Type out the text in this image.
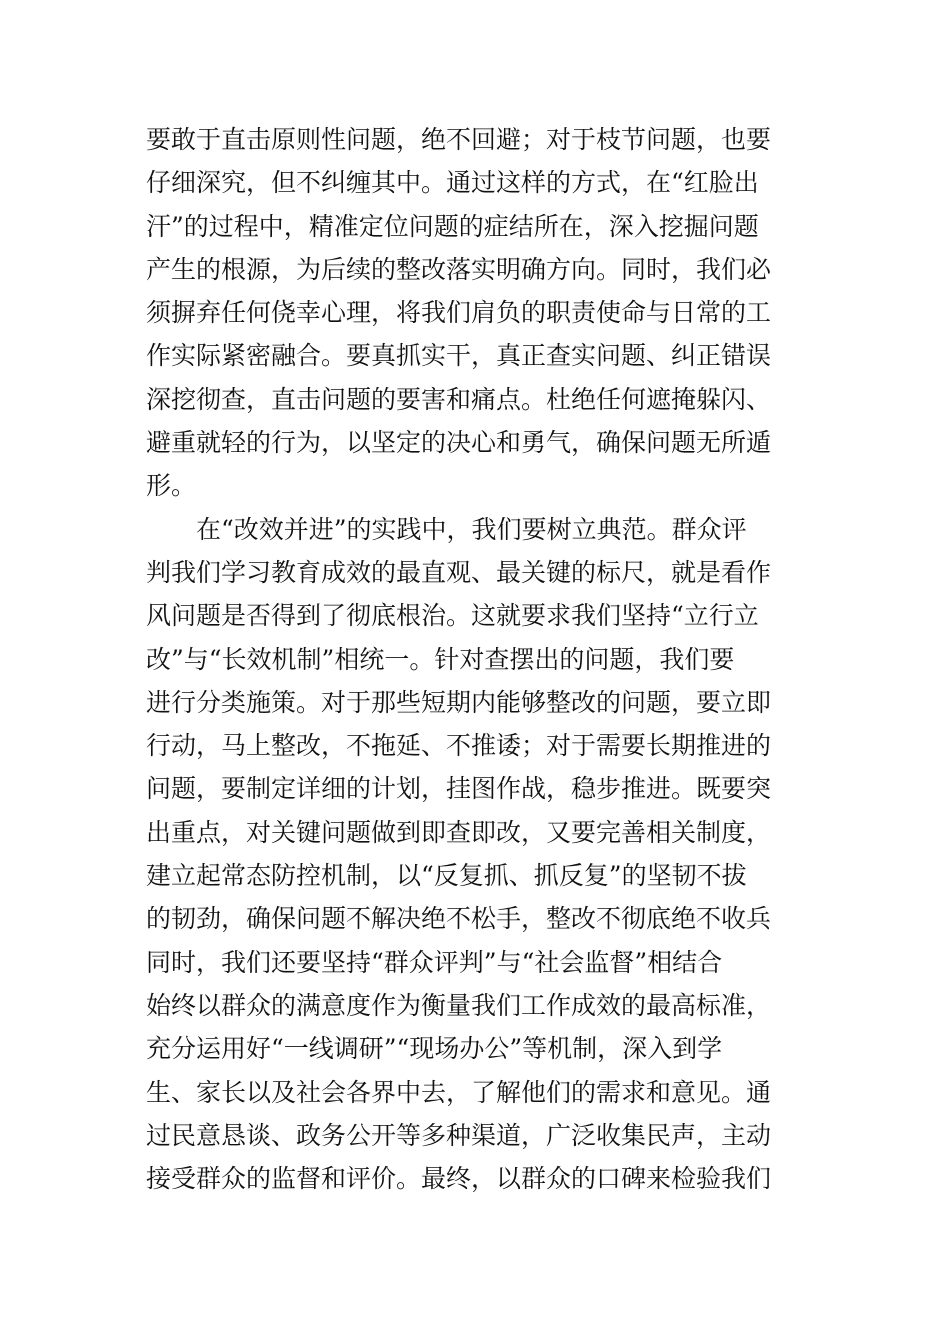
要敢于直击原则性问题，绝不回避；对于枝节问题，也要
仔细深究，但不纠缠其中。通过这样的方式，在“红脸出
汗”的过程中，精准定位问题的症结所在，深入挖掘问题
产生的根源，为后续的整改落实明确方向。同时，我们必
须摒弃任何侥幸心理，将我们肩负的职责使命与日常的工
作实际紧密融合。要真抓实干，真正查实问题、纠正错误
深挖彻查，直击问题的要害和痛点。杜绝任何遮掩躲闪、
避重就轻的行为，以坚定的决心和勇气，确保问题无所遁
形。
在“改效并进”的实践中，我们要树立典范。群众评
判我们学习教育成效的最直观、最关键的标尺，就是看作
风问题是否得到了彻底根治。这就要求我们坚持“立行立
改”与“长效机制”相统一。针对查摆出的问题，我们要
进行分类施策。对于那些短期内能够整改的问题，要立即
行动，马上整改，不拖延、不推诿；对于需要长期推进的
问题，要制定详细的计划，挂图作战，稳步推进。既要突
出重点，对关键问题做到即查即改，又要完善相关制度，
建立起常态防控机制，以“反复抓、抓反复”的坚韧不拔
的韧劲，确保问题不解决绝不松手，整改不彻底绝不收兵
同时，我们还要坚持“群众评判”与“社会监督”相结合
始终以群众的满意度作为衡量我们工作成效的最高标准，
充分运用好“一线调研”“现场办公”等机制，深入到学
生、家长以及社会各界中去，了解他们的需求和意见。通
过民意恳谈、政务公开等多种渠道，广泛收集民声，主动
接受群众的监督和评价。最终，以群众的口碑来检验我们
